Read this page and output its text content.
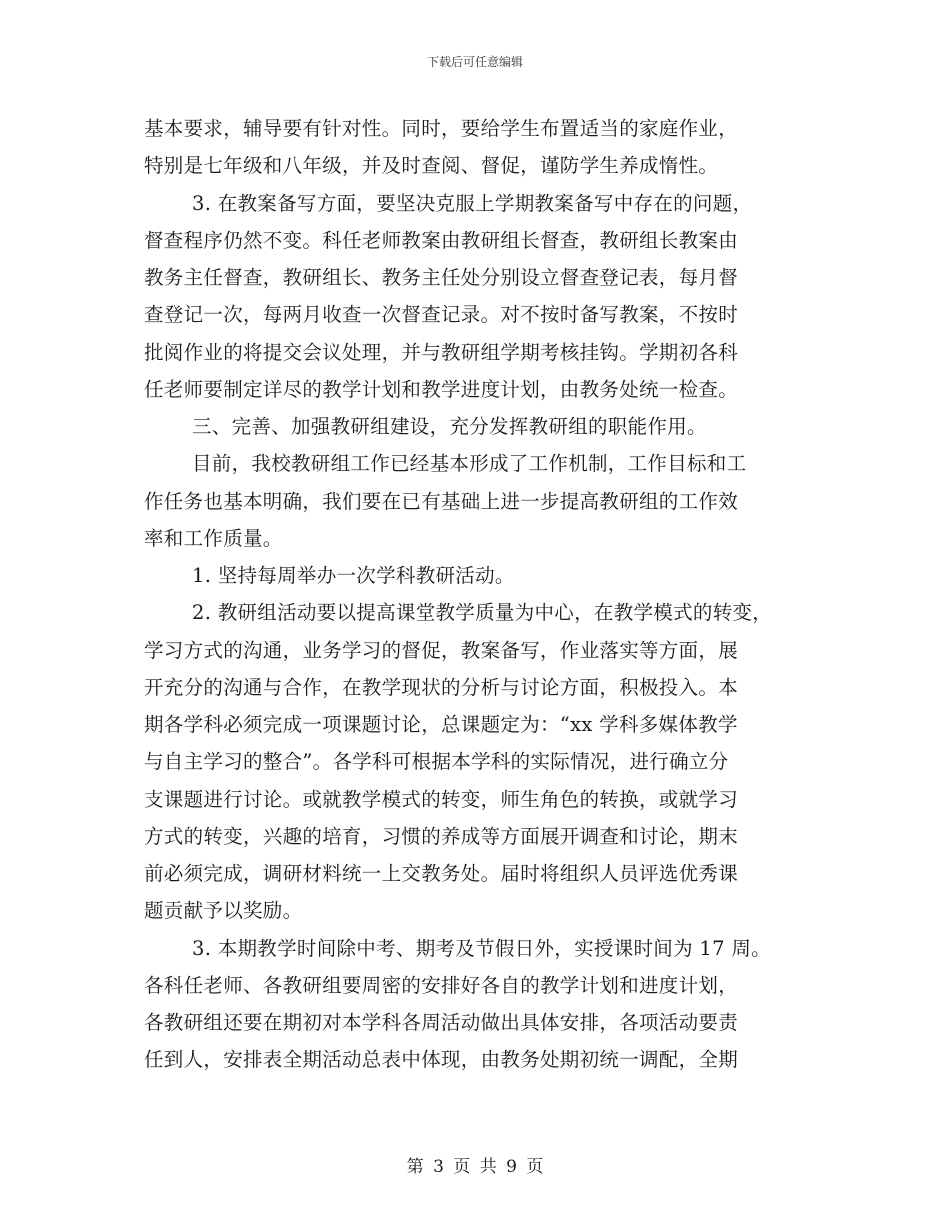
下载后可任意编辑
基本要求，辅导要有针对性。同时，要给学生布置适当的家庭作业，
特别是七年级和八年级，并及时查阅、督促，谨防学生养成惰性。
3. 在教案备写方面，要坚决克服上学期教案备写中存在的问题，
督查程序仍然不变。科任老师教案由教研组长督查，教研组长教案由
教务主任督查，教研组长、教务主任处分别设立督查登记表，每月督
查登记一次，每两月收查一次督查记录。对不按时备写教案，不按时
批阅作业的将提交会议处理，并与教研组学期考核挂钩。学期初各科
任老师要制定详尽的教学计划和教学进度计划，由教务处统一检查。
三、完善、加强教研组建设，充分发挥教研组的职能作用。
目前，我校教研组工作已经基本形成了工作机制，工作目标和工
作任务也基本明确，我们要在已有基础上进一步提高教研组的工作效
率和工作质量。
1. 坚持每周举办一次学科教研活动。
2. 教研组活动要以提高课堂教学质量为中心，在教学模式的转变，
学习方式的沟通，业务学习的督促，教案备写，作业落实等方面，展
开充分的沟通与合作，在教学现状的分析与讨论方面，积极投入。本
期各学科必须完成一项课题讨论，总课题定为：“xx 学科多媒体教学
与自主学习的整合”。各学科可根据本学科的实际情况，进行确立分
支课题进行讨论。或就教学模式的转变，师生角色的转换，或就学习
方式的转变，兴趣的培育，习惯的养成等方面展开调查和讨论，期末
前必须完成，调研材料统一上交教务处。届时将组织人员评选优秀课
题贡献予以奖励。
3. 本期教学时间除中考、期考及节假日外，实授课时间为 17 周。
各科任老师、各教研组要周密的安排好各自的教学计划和进度计划，
各教研组还要在期初对本学科各周活动做出具体安排，各项活动要责
任到人，安排表全期活动总表中体现，由教务处期初统一调配，全期
第 3 页 共 9 页
